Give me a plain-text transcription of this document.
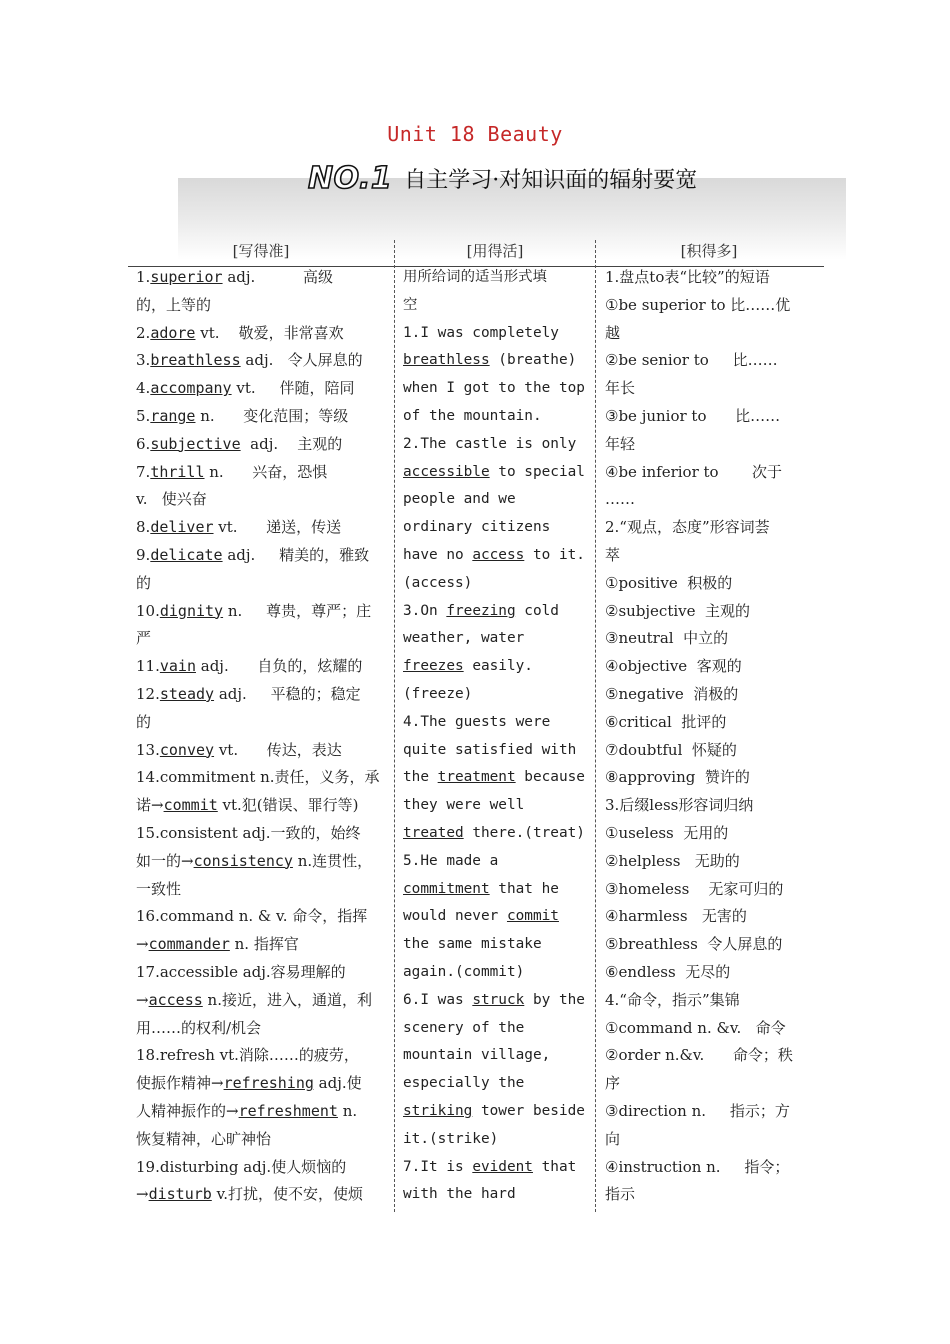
Unit 18 Beauty
NO.1 自主学习·对知识面的辐射要宽
[写得准]	[用得活]	[积得多]
1.superior adj.          高级
的，上等的
2.adore vt.    敬爱，非常喜欢
3.breathless adj.   令人屏息的
4.accompany vt.     伴随，陪同
5.range n.      变化范围；等级
6.subjective  adj.    主观的
7.thrill n.      兴奋，恐惧
v.   使兴奋
8.deliver vt.      递送，传送
9.delicate adj.     精美的，雅致
的
10.dignity n.     尊贵，尊严；庄
严
11.vain adj.      自负的，炫耀的
12.steady adj.     平稳的；稳定
的
13.convey vt.      传达，表达
14.commitment n.责任，义务，承
诺→commit vt.犯(错误、罪行等)
15.consistent adj.一致的，始终
如一的→consistency n.连贯性，
一致性
16.command n. & v. 命令，指挥
→commander n. 指挥官
17.accessible adj.容易理解的
→access n.接近，进入，通道，利
用……的权利/机会
18.refresh vt.消除……的疲劳，
使振作精神→refreshing adj.使
人精神振作的→refreshment n.
恢复精神，心旷神怡
19.disturbing adj.使人烦恼的
→disturb v.打扰，使不安，使烦
用所给词的适当形式填
空
1.I was completely
breathless (breathe)
when I got to the top
of the mountain.
2.The castle is only
accessible to special
people and we
ordinary citizens
have no access to it.
(access)
3.On freezing cold
weather, water
freezes easily.
(freeze)
4.The guests were
quite satisfied with
the treatment because
they were well
treated there.(treat)
5.He made a
commitment that he
would never commit
the same mistake
again.(commit)
6.I was struck by the
scenery of the
mountain village,
especially the
striking tower beside
it.(strike)
7.It is evident that
with the hard
1.盘点to表“比较”的短语
①be superior to 比……优
越
②be senior to     比……
年长
③be junior to      比……
年轻
④be inferior to       次于
……
2.“观点，态度”形容词荟
萃
①positive  积极的
②subjective  主观的
③neutral  中立的
④objective  客观的
⑤negative  消极的
⑥critical  批评的
⑦doubtful  怀疑的
⑧approving  赞许的
3.后缀less形容词归纳
①useless  无用的
②helpless   无助的
③homeless    无家可归的
④harmless   无害的
⑤breathless  令人屏息的
⑥endless  无尽的
4.“命令，指示”集锦
①command n. &v.   命令
②order n.&v.      命令；秩
序
③direction n.     指示；方
向
④instruction n.     指令；
指示
